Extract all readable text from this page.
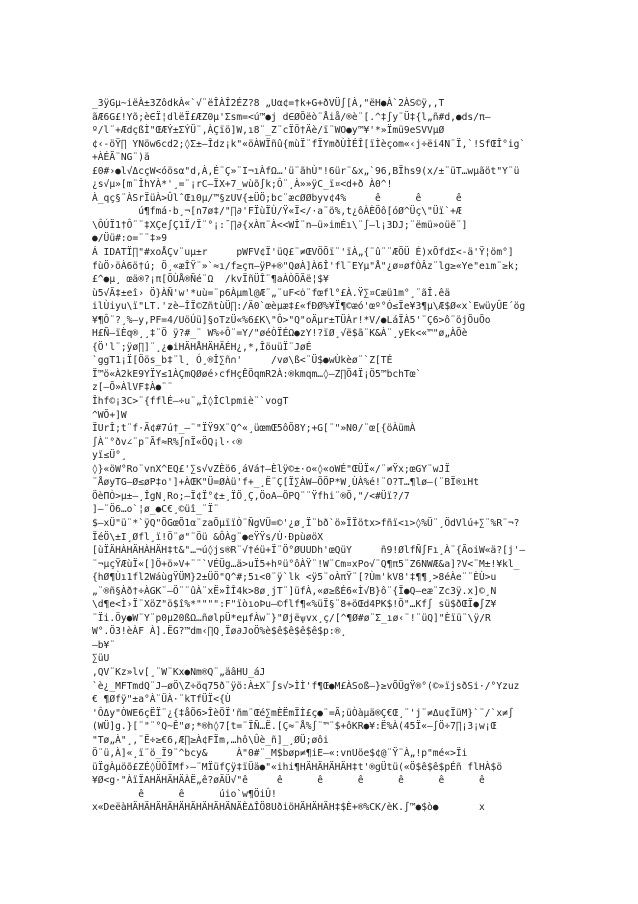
_3ÿGµ~iëÀ±3ZôdkÀ«`√¨ëÎÀÎ2ÉZ?8 „Uα¢=†k+G+ðVÜ∫[À,"ëH●À`2ÀS©ÿ,,T
ãÆ6G£!Yõ;è∈Ï¦dlëÏ£ÆZ0µ'Σsm=<ú™●j d∈ØÕëò¨Åiå/®è¨[.^‡∫y¨Ü‡{l„ñ#d,●ds∕π–
º/l¨+ÆdçßÌ"ŒÆÝ±ΣÝÜ¨,ÀÇïö]W,ı8¨_Z¨cÏÖ†Äè/ï¨WO●y™¥'*»Ïmü9eSVVµØ
¢‹-öŸ∏ YNöw6cd2;◊Σ±–Îdz¡k"«öÀWÏñû{mùÏ¨fÏYmðÙÌÉÎ[ïÌèçom«‹j÷ëi4N¨Ï,`!SfŒÎ°ig`
+ÀÉÃ¨NG¨)ä
£0#›●l√ΔcçW<óösα"d,À,É¨Ç»¨I¬ıÀfΩ…'ü¨ãhÙ"!6ür¨&x„`96,BÏhs9(x/±¨üT…wµãöt"Y¨ü
¿s√µ»[m¨ÎhYÀ*'¸=¨¡rC–ÏX+7_wùõ∫k;Ô¨¸À»»ÿC_ï¤<d+ð À0^!
À_qç§¨ÀSrÏüÀ>ÛlˆŒı0µ/™§zUV{±ÜÖ;bc¨æcØØbyv¢4%     ê      ê      ê
ú¶fmá·b¸¬[n7ø‡/"∏∂'FÏùÏÙ/Ÿ«Ï</·a¨ö%,t¿ôÀÈÖô[óØ^Üç\"Üï`+Æ
\ÔÚÏ1†Ô¨¨‡XÇe∫Ç1Ï/Ï¨°¡:¯∏∂{xÀπ¨À<<WÎ¨n–ü»imÉı\¨∫–l¡3DJ;¨ëmü»oüë¨]
●/Üü#:o=¨¨‡»9
Á IDATÏ∏"#xoÅÇv¨uµ±r     pWFV¢Ï'üQ£¨≠ŒVÖÕï¨'ïÀ„{¨û¨¨ÆÕÜ É)xÕfdΣ<-ä'Ÿ¦öm°]
fùÖ›öÀ6ö†ú; Ö¸«æÎŸ¨»`≈ı/f≥çπ–ÿP+®"QøÀ]À6Î'fl¨EYµ"Å"¿ø¤øfÒÂz¨lg≥«Ye"eım¨≥k;
£^●µ¸ œä®?¡π[ÕÙÅ®Ñé¨Ω  /kvÏñÜÎ¨¶aÀÒÕÃë¦$¥
ù5√Ã‡±eî› Ö}ÀÑ'w'*uù=¨p6Àµml@Æ¨„¨uF<ȯ¨fœfl°£À.Ÿ∑¤Cæü1m°¸¨ãÎ.êä
ilÙiyu\ï"LT.'zè–ÎÏ©ZñtùÜ∏:/Ä0`œèµæ‡£«fÐØ%¥Ï¶©æó'œº°Ó≤Ïe¥3¶µ\Æ$Ø«x`EwüyÛE´ög
¥¶Ô¨?¸%–y,PF=4/UöÚü]§oTzÜ«%6£K\"Ô>"Q"oÄµr±TÜÀr!*V/●LáÏÀ5'¨Ç6>ô¨öjÕuÕo
H£Ñ–ïÈq®¸¸‡¨Ö ÿ?#_¨ W%÷Ô¨=Y/"øéÒÏÉΩ●zY!?ïØ¸√ë$ã¨K&À¨¸yEk<«™"ø„ÀÕè
{Ö'l¨;ÿø∏]¨¸¿●iHÄHÅHÄHÄÉH¿,*,ÎöuüÏ¨JøÉ
`ggT1¡Ï[Öös_b‡¨l¸ Ó¸®Î∑ñ∩'     /vø\ß<¨Ü$●wÙkèø¨`Z[TÉ
Ï™ö«À2kE9YÏY≤1ÀÇmQØøé›cfHçÊÖqmR2À:®kmqm…◊–Z∏Ö4Ï¡Ö5™bchTœ`
z[–Õ»ÀlVF‡À●¨¨
Îhf©¡3C>¨{fflÉ–÷u¨„Î◊ÎClpmiè¨`vogT
^WÕ+]W
ÏUrÎ;t¨f·Ã¢#7ú†_–¨"ÏŸ9X¨Q^«¸üœmŒ5ôÕ8Y;+G[¨"»N0/¨œ[{öÀümÀ
∫À¨°ðv∠¨p¨Ãf≈R%∫nÏ«ÖQ¡l·‹®
yï≤Ü°¸
◊}«öW°Ro¨vnX^EQ£'∑s√vZÈö6¸áVá†–Èlÿ©±·o«◊«oWÉ"ŒÜÏ«/¨≠Ÿx;œGY¨wJÏ
¨ÅøyTG–Ø≤øP‡o']+ÀŒK"Ü=ØÀü'f+_¸Ë¨Ç[Ï∑ÀW–ÕÖP*W¸ÙÀ%é!¨O?T…¶lø–(¨BÏ®ıHt
ÖèΠÒ>µ±–¸ÎgN¸Ro;–Ï¢Ï°¢±¸ÏÖ¸Ç,ÖoA–ÕPQ¨¨Ÿfhi¨®Ö,"/<#Üï?/7
]–¨Ö6…o`¦ø_●C€¸©üî_¨Ï¨
$–xÜ"ü¨*`ÿQ"ÕGœÕ1α¨zaÕµïïÒ¨ÑgVÜ=©'¿ø¸Ï¨bð`ö»ÏÏötx>fñï<ı>◊%Ü¨¸ÖdVlú+∑¨%R¨¬?
ÏéÖ\±I¸Øfl¸ï!Ö¨ø"¨Öü &ÔÀg¨●eŸŸs/Ù·ÐpùøöX
[ùÏÄHÀHÄHÀHÄH‡t&"…¬ú◊js®R¨√†éü+Ï¨Ö°ØUUDh'œQüY     ñ9!ØlfÑ∫Fı¸À¨{ÃoiW«ä?[j'–
¨¬µçŸÆùÏ«[]Ö+ö»V+¨¨`VÉÜg…ä>uÏ5+hºü°ôÀŸ¨!W¨Cm¤xPo√¨Q¶π5¨Z6NWÆ&a]?V<¨M±!¥kl_
{hØ¶Ùı1fl2WáùgŸÜM}2±ÜÖ"Q^#;5ı<0¨ÿ`lk <ÿ5¨oÀπŸ¨[?Ùm'kV8'‡¶¶¸>8éÀe¨¨ÈÙ>u
„¨®ñ§Àð†÷ÀGK¨–Ö¨¨ûÀ¨xË»ÎÎ4k>8ø¸jT¨]üfÀ,«ø≥ßÉ6«Ì√B}ô¨{Ï●Q–eæ¨Zc3ÿ.x]©¸N
\d¶e<Ì›Ï¨XöZ"ö$î%*"""":F"ïòıoÞu–©flf¶«%üÏ§¨8+öŒd4PK$!Ö"…Kf∫ sü$ðŒÏ●∫Z¥
¨Ïi.Öy●W¨Y¨p0µ20ßΩ…ñølpÜ*eµfÀw¨}"Øjëѱvx¸ç/[^¶Ø#ø¨Σ_ıø‹¨!¨üQ]"Èïü¨\ÿ/R
W°.Ö3!èÀF À].ËG?™dm‹∏Q¸Ïø∂JoÖ%è$ê$ê$ê$ê$p:®¸
–b¥¨
∑üU
,QV¨Kz»lv[¸¨W¨Kx●Nm®Q¨„äâHU_áJ
`è¿_MFTmdQ¨J–øÖ\Z÷öq75ð¨ÿö:À±X¨∫s√>ÌÌ'f¶Œ●M£ÀSoß–}≥vÕÜgŸ®°(©»ïjsðSi·/°Yzuz
€ ¶Øfÿ"±a°À¨ÜÀ·¨kTfÜÏ<{Ù
'ÔΔy"ÒWE6çËÏ¨¿{‡åÖ6>ÎèÕÏ'ñm¨Œé∑mÈËmÏÌ£ç●¨=Ã;üÒàµä®Ç€Œ¸¨'j¨≠Δu¢ÏüM}`¨/`x≠∫
(WÜ]g.}[¨"¨°Q~Ê"ø;*®h◊7[t=¨ÏÑ…Ë.[Ç≈¨Å%∫¨™¨$+ôKR●¥:Ë%À(45Ï«–∫Ö÷7∏¡3¡w¡Œ
"Tø„À"¸,¨Ë÷≥€6,Æ∏≥À¢FÏm,…hô\Ûè_ñ]_¸ØÜ;øôi
Ö¨ü,À]«¸ï¨ö_Ï9¨^bcy&     À"0#¨_M$bøp≠¶iE–«:vnUöe$¢@¨Ÿ¨À„!p"mé«>Ïi
üÏgÀµöõ£ZÉ◊ÜÖÏMf›–¨MÏüfÇÿ‡ïÜä●"«ihi¶HÄHÄHÄHÄH‡t'®gÜtü(«Ö$ê$ê$pÉñ flHÀ$ö
¥Ø<g·"ÀïÏAHÄHÄHÄÀË„ê?øÄÜ√"ê     ê      ê      ê      ê      ê      ê
ê      ê      úio`w¶ÖiÛ!
x«DeëàHÄHÄHÄHÄHÄHÄHÄHÄHÄNÄÈ∆ÎÖ8UðiöHÄHÄHÄH‡$È+®%CK/èK.∫™●$ò●       x
